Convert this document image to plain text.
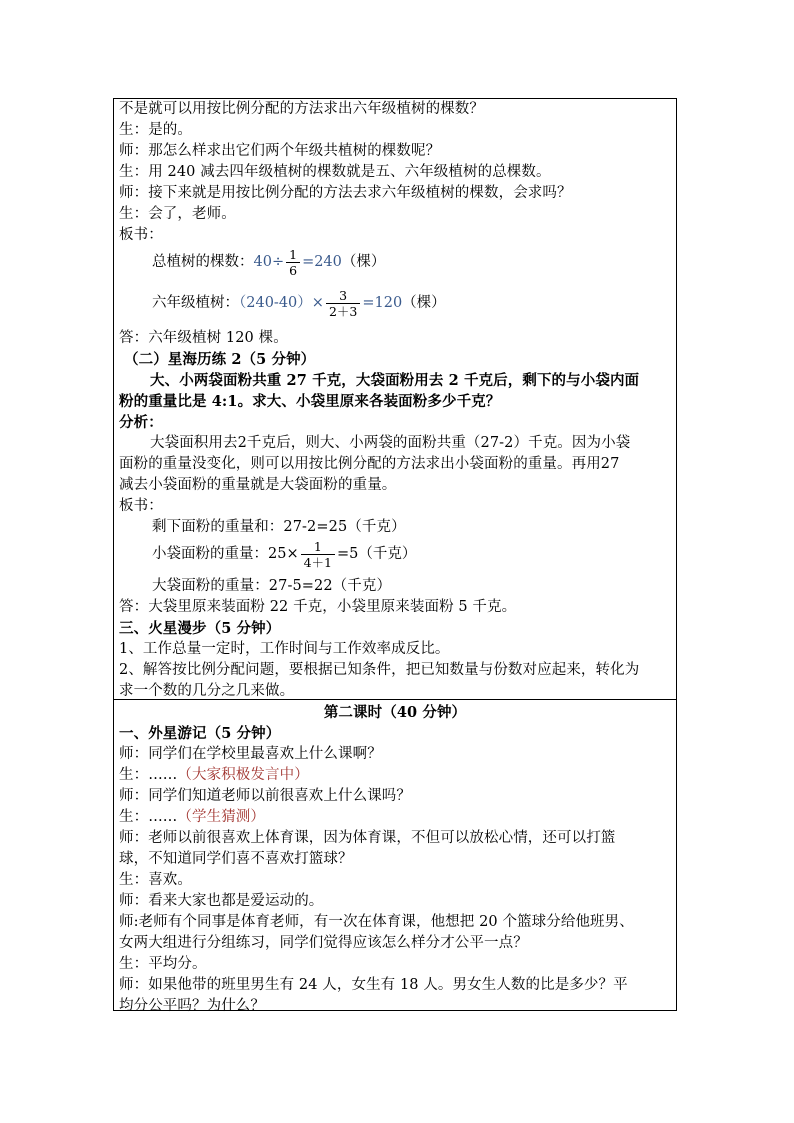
不是就可以用按比例分配的方法求出六年级植树的棵数？
生：是的。
师：那怎么样求出它们两个年级共植树的棵数呢？
生：用 240 减去四年级植树的棵数就是五、六年级植树的总棵数。
师：接下来就是用按比例分配的方法去求六年级植树的棵数，会求吗？
生：会了，老师。
板书：
总植树的棵数：$40\div \frac{1}{6} =240$（棵）
六年级植树：$(240-40)\times \frac{3}{2+3} =120$（棵）
答：六年级植树 120 棵。
（二）星海历练 2（5 分钟）
大、小两袋面粉共重 27 千克，大袋面粉用去 2 千克后，剩下的与小袋内面
粉的重量比是 4:1。求大、小袋里原来各装面粉多少千克？
分析：
大袋面积用去2千克后，则大、小两袋的面粉共重（27-2）千克。因为小袋
面粉的重量没变化，则可以用按比例分配的方法求出小袋面粉的重量。再用27
减去小袋面粉的重量就是大袋面粉的重量。
板书：
剩下面粉的重量和：27-2=25（千克）
小袋面粉的重量：$25\times \frac{1}{4+1} =5$（千克）
大袋面粉的重量：27-5=22（千克）
答：大袋里原来装面粉 22 千克，小袋里原来装面粉 5 千克。
三、火星漫步（5 分钟）
1、工作总量一定时，工作时间与工作效率成反比。
2、解答按比例分配问题，要根据已知条件，把已知数量与份数对应起来，转化为
求一个数的几分之几来做。
第二课时（40 分钟）
一、外星游记（5 分钟）
师：同学们在学校里最喜欢上什么课啊？
生：……（大家积极发言中）
师：同学们知道老师以前很喜欢上什么课吗？
生：……（学生猜测）
师：老师以前很喜欢上体育课，因为体育课，不但可以放松心情，还可以打篮
球，不知道同学们喜不喜欢打篮球？
生：喜欢。
师：看来大家也都是爱运动的。
师:老师有个同事是体育老师，有一次在体育课，他想把 20 个篮球分给他班男、
女两大组进行分组练习，同学们觉得应该怎么样分才公平一点？
生：平均分。
师：如果他带的班里男生有 24 人，女生有 18 人。男女生人数的比是多少？平
均分公平吗？为什么？
